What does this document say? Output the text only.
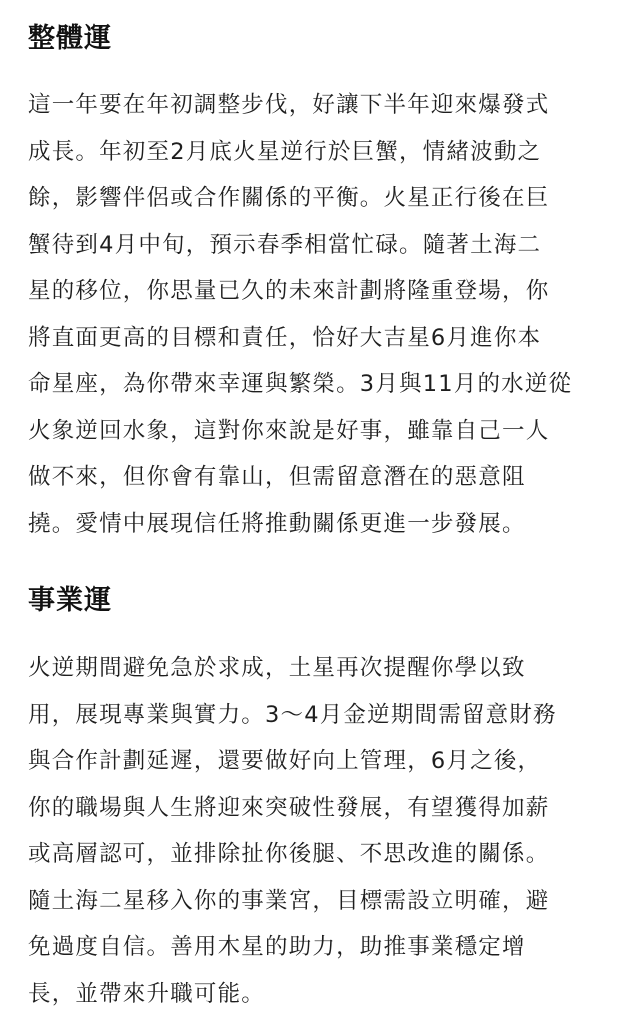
整體運

這一年要在年初調整步伐，好讓下半年迎來爆發式
成長。年初至2月底火星逆行於巨蟹，情緒波動之
餘，影響伴侶或合作關係的平衡。火星正行後在巨
蟹待到4月中旬，預示春季相當忙碌。隨著土海二
星的移位，你思量已久的未來計劃將隆重登場，你
將直面更高的目標和責任，恰好大吉星6月進你本
命星座，為你帶來幸運與繁榮。3月與11月的水逆從
火象逆回水象，這對你來說是好事，雖靠自己一人
做不來，但你會有靠山，但需留意潛在的惡意阻
撓。愛情中展現信任將推動關係更進一步發展。

事業運

火逆期間避免急於求成，土星再次提醒你學以致
用，展現專業與實力。3～4月金逆期間需留意財務
與合作計劃延遲，還要做好向上管理，6月之後，
你的職場與人生將迎來突破性發展，有望獲得加薪
或高層認可，並排除扯你後腿、不思改進的關係。
隨土海二星移入你的事業宮，目標需設立明確，避
免過度自信。善用木星的助力，助推事業穩定增
長，並帶來升職可能。
